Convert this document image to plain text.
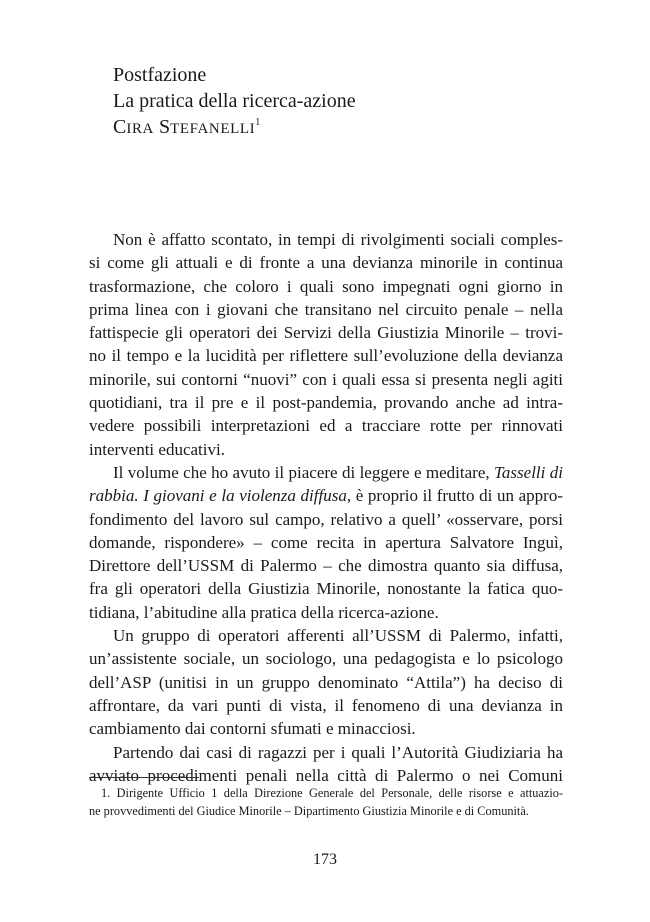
Postfazione
La pratica della ricerca-azione
CIRA STEFANELLI$^1$
Non è affatto scontato, in tempi di rivolgimenti sociali comples-
si come gli attuali e di fronte a una devianza minorile in continua
trasformazione, che coloro i quali sono impegnati ogni giorno in
prima linea con i giovani che transitano nel circuito penale – nella
fattispecie gli operatori dei Servizi della Giustizia Minorile – trovi-
no il tempo e la lucidità per riflettere sull’evoluzione della devianza
minorile, sui contorni “nuovi” con i quali essa si presenta negli agiti
quotidiani, tra il pre e il post-pandemia, provando anche ad intra-
vedere possibili interpretazioni ed a tracciare rotte per rinnovati
interventi educativi.
Il volume che ho avuto il piacere di leggere e meditare, Tasselli di
rabbia. I giovani e la violenza diffusa, è proprio il frutto di un appro-
fondimento del lavoro sul campo, relativo a quell’ «osservare, porsi
domande, rispondere» – come recita in apertura Salvatore Inguì,
Direttore dell’USSM di Palermo – che dimostra quanto sia diffusa,
fra gli operatori della Giustizia Minorile, nonostante la fatica quo-
tidiana, l’abitudine alla pratica della ricerca-azione.
Un gruppo di operatori afferenti all’USSM di Palermo, infatti,
un’assistente sociale, un sociologo, una pedagogista e lo psicologo
dell’ASP (unitisi in un gruppo denominato “Attila”) ha deciso di
affrontare, da vari punti di vista, il fenomeno di una devianza in
cambiamento dai contorni sfumati e minacciosi.
Partendo dai casi di ragazzi per i quali l’Autorità Giudiziaria ha
avviato procedimenti penali nella città di Palermo o nei Comuni
1. Dirigente Ufficio 1 della Direzione Generale del Personale, delle risorse e attuazio-
ne provvedimenti del Giudice Minorile – Dipartimento Giustizia Minorile e di Comunità.
173
